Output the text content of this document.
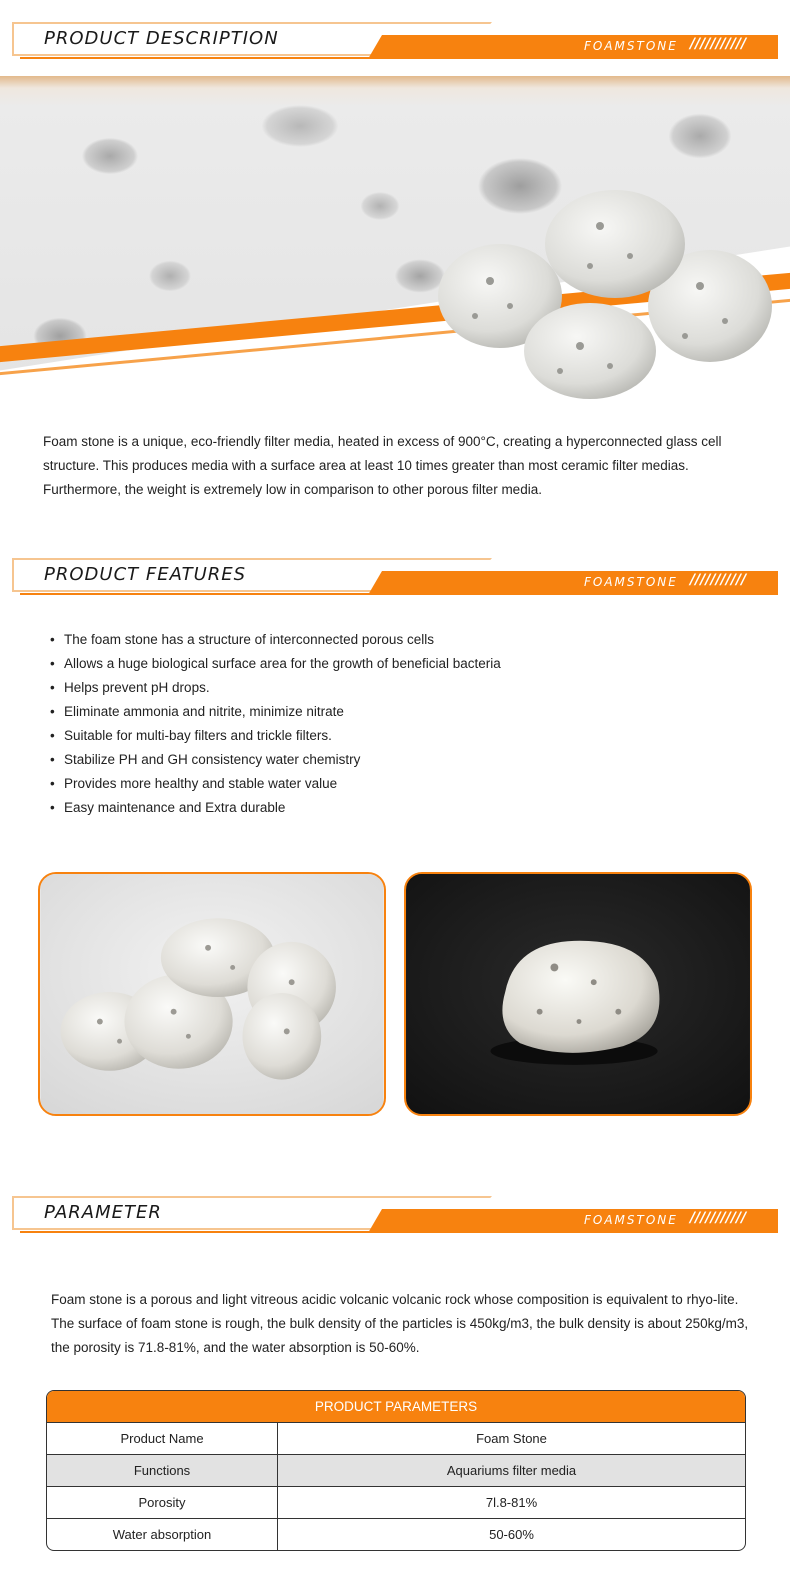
PRODUCT DESCRIPTION	FOAMSTONE ///////////

Foam stone is a unique, eco-friendly filter media, heated in excess of 900°C, creating a hyperconnected glass cell structure. This produces media with a surface area at least 10 times greater than most ceramic filter medias. Furthermore, the weight is extremely low in comparison to other porous filter media.

PRODUCT FEATURES	FOAMSTONE ///////////
• The foam stone has a structure of interconnected porous cells
• Allows a huge biological surface area for the growth of beneficial bacteria
• Helps prevent pH drops.
• Eliminate ammonia and nitrite, minimize nitrate
• Suitable for multi-bay filters and trickle filters.
• Stabilize PH and GH consistency water chemistry
• Provides more healthy and stable water value
• Easy maintenance and Extra durable
PARAMETER	FOAMSTONE ///////////

Foam stone is a porous and light vitreous acidic volcanic volcanic rock whose composition is equivalent to rhyo-lite. The surface of foam stone is rough, the bulk density of the particles is 450kg/m3, the bulk density is about 250kg/m3, the porosity is 71.8-81%, and the water absorption is 50-60%.

PRODUCT PARAMETERS
Product Name	Foam Stone
Functions	Aquariums filter media
Porosity	7l.8-81%
Water absorption	50-60%
